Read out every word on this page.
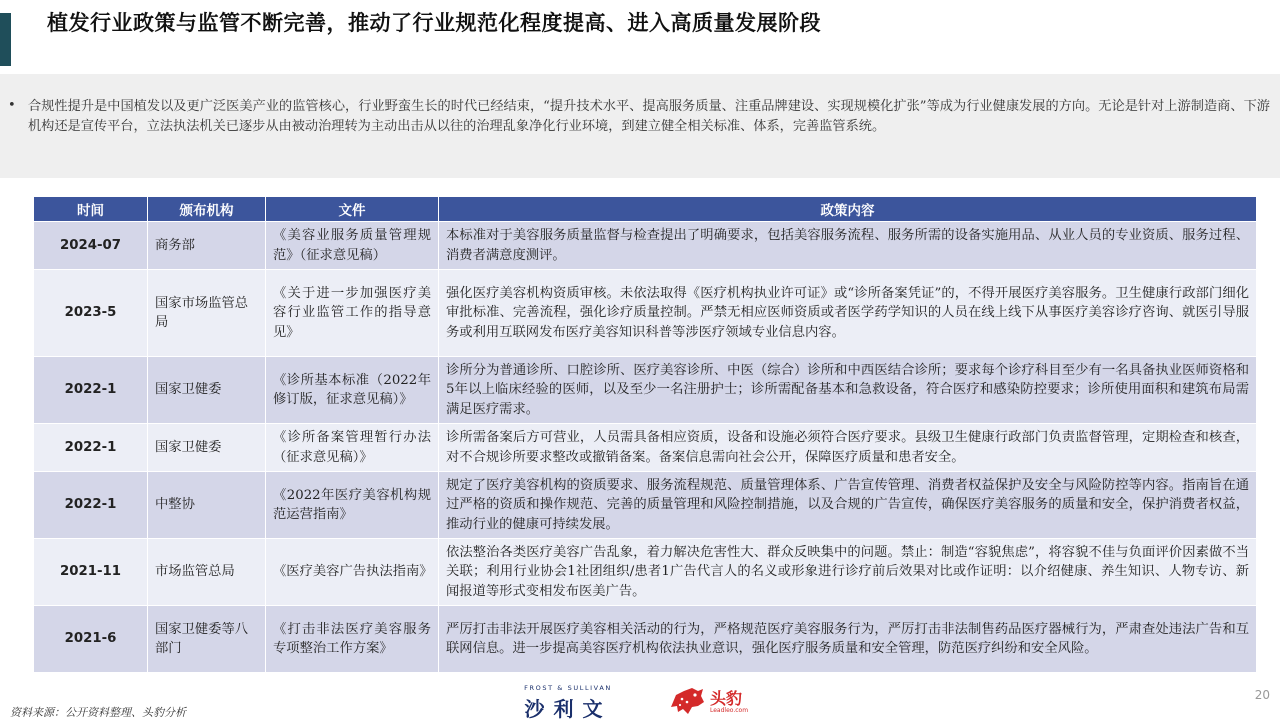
植发行业政策与监管不断完善，推动了行业规范化程度提高、进入高质量发展阶段
• 合规性提升是中国植发以及更广泛医美产业的监管核心，行业野蛮生长的时代已经结束，“提升技术水平、提高服务质量、注重品牌建设、实现规模化扩张”等成为行业健康发展的方向。无论是针对上游制造商、下游机构还是宣传平台，立法执法机关已逐步从由被动治理转为主动出击从以往的治理乱象净化行业环境，到建立健全相关标准、体系，完善监管系统。

时间	颁布机构	文件	政策内容
2024-07	商务部	《美容业服务质量管理规范》（征求意见稿）	本标准对于美容服务质量监督与检查提出了明确要求，包括美容服务流程、服务所需的设备实施用品、从业人员的专业资质、服务过程、消费者满意度测评。
2023-5	国家市场监管总局	《关于进一步加强医疗美容行业监管工作的指导意见》	强化医疗美容机构资质审核。未依法取得《医疗机构执业许可证》或“诊所备案凭证”的，不得开展医疗美容服务。卫生健康行政部门细化审批标准、完善流程，强化诊疗质量控制。严禁无相应医师资质或者医学药学知识的人员在线上线下从事医疗美容诊疗咨询、就医引导服务或利用互联网发布医疗美容知识科普等涉医疗领域专业信息内容。
2022-1	国家卫健委	《诊所基本标准（2022年修订版，征求意见稿）》	诊所分为普通诊所、口腔诊所、医疗美容诊所、中医（综合）诊所和中西医结合诊所；要求每个诊疗科目至少有一名具备执业医师资格和5年以上临床经验的医师，以及至少一名注册护士；诊所需配备基本和急救设备，符合医疗和感染防控要求；诊所使用面积和建筑布局需满足医疗需求。
2022-1	国家卫健委	《诊所备案管理暂行办法（征求意见稿）》	诊所需备案后方可营业，人员需具备相应资质，设备和设施必须符合医疗要求。县级卫生健康行政部门负责监督管理，定期检查和核查，对不合规诊所要求整改或撤销备案。备案信息需向社会公开，保障医疗质量和患者安全。
2022-1	中整协	《2022年医疗美容机构规范运营指南》	规定了医疗美容机构的资质要求、服务流程规范、质量管理体系、广告宣传管理、消费者权益保护及安全与风险防控等内容。指南旨在通过严格的资质和操作规范、完善的质量管理和风险控制措施，以及合规的广告宣传，确保医疗美容服务的质量和安全，保护消费者权益，推动行业的健康可持续发展。
2021-11	市场监管总局	《医疗美容广告执法指南》	依法整治各类医疗美容广告乱象，着力解决危害性大、群众反映集中的问题。禁止：制造“容貌焦虑”，将容貌不佳与负面评价因素做不当关联；利用行业协会1社团组织/患者1广告代言人的名义或形象进行诊疗前后效果对比或作证明：以介绍健康、养生知识、人物专访、新闻报道等形式变相发布医美广告。
2021-6	国家卫健委等八部门	《打击非法医疗美容服务专项整治工作方案》	严厉打击非法开展医疗美容相关活动的行为，严格规范医疗美容服务行为，严厉打击非法制售药品医疗器械行为，严肃查处违法广告和互联网信息。进一步提高美容医疗机构依法执业意识，强化医疗服务质量和安全管理，防范医疗纠纷和安全风险。
资料来源：公开资料整理、头豹分析
FROST & SULLIVAN
沙利文	头豹
Leadleo.com
20
